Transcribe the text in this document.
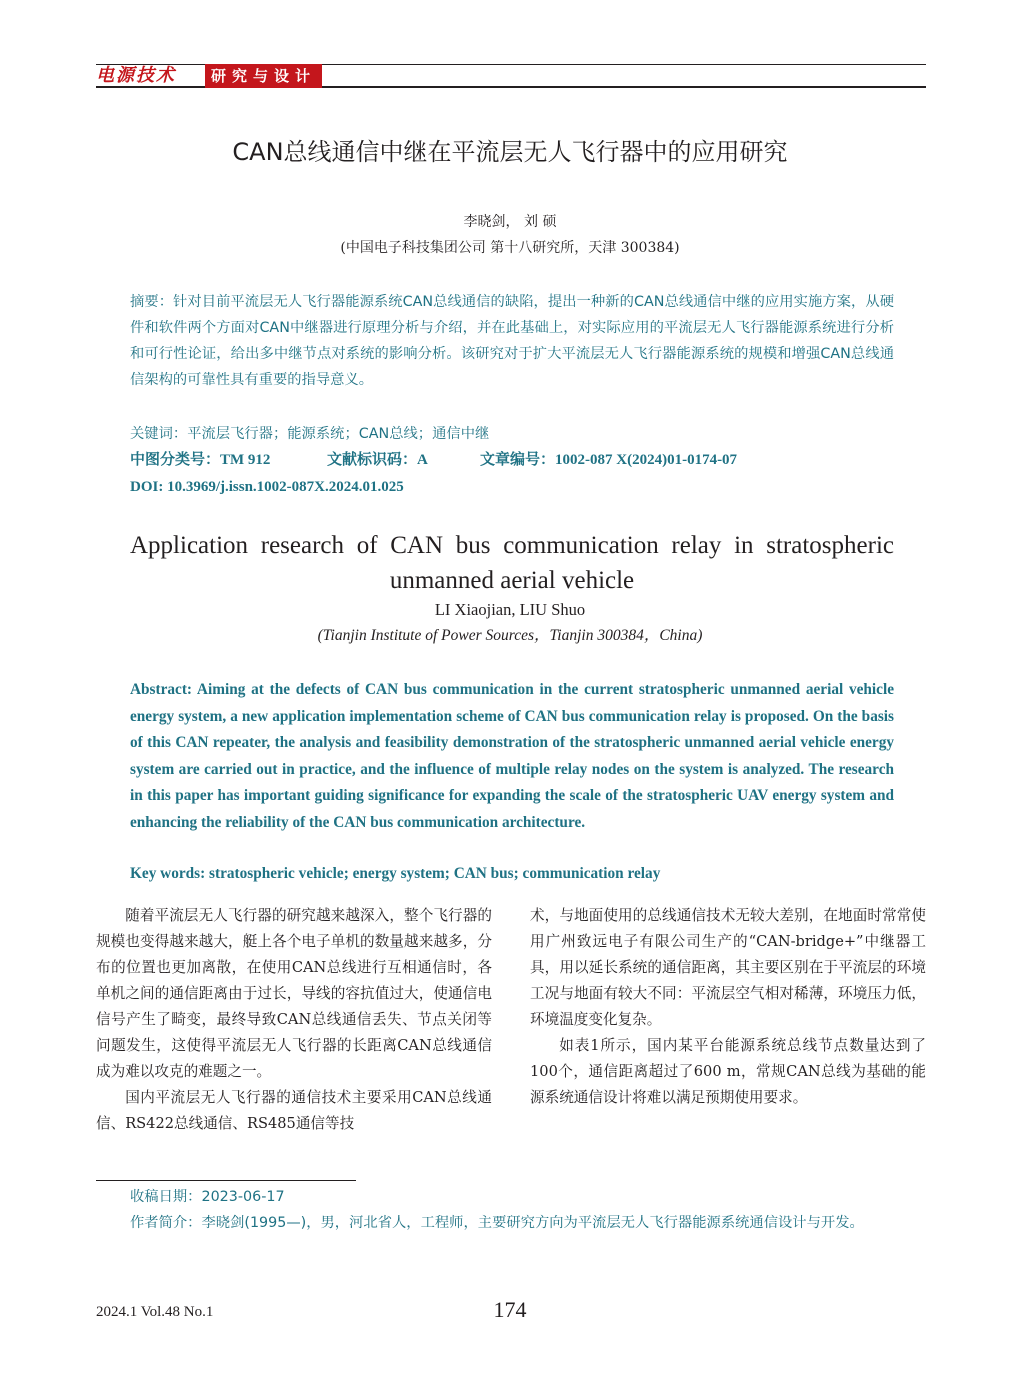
电源技术	研究与设计
CAN总线通信中继在平流层无人飞行器中的应用研究
李晓剑， 刘 硕
(中国电子科技集团公司 第十八研究所，天津 300384)
摘要：针对目前平流层无人飞行器能源系统CAN总线通信的缺陷，提出一种新的CAN总线通信中继的应用实施方案，从硬件和软件两个方面对CAN中继器进行原理分析与介绍，并在此基础上，对实际应用的平流层无人飞行器能源系统进行分析和可行性论证，给出多中继节点对系统的影响分析。该研究对于扩大平流层无人飞行器能源系统的规模和增强CAN总线通信架构的可靠性具有重要的指导意义。
关键词：平流层飞行器；能源系统；CAN总线；通信中继
中图分类号：TM 912	文献标识码：A	文章编号：1002-087 X(2024)01-0174-07
DOI: 10.3969/j.issn.1002-087X.2024.01.025
Application research of CAN bus communication relay in stratospheric unmanned aerial vehicle
LI Xiaojian, LIU Shuo
(Tianjin Institute of Power Sources，Tianjin 300384，China)
Abstract: Aiming at the defects of CAN bus communication in the current stratospheric unmanned aerial vehicle energy system, a new application implementation scheme of CAN bus communication relay is proposed. On the basis of this CAN repeater, the analysis and feasibility demonstration of the stratospheric unmanned aerial vehicle energy system are carried out in practice, and the influence of multiple relay nodes on the system is analyzed. The research in this paper has important guiding significance for expanding the scale of the stratospheric UAV energy system and enhancing the reliability of the CAN bus communication architecture.
Key words: stratospheric vehicle; energy system; CAN bus; communication relay

随着平流层无人飞行器的研究越来越深入，整个飞行器的规模也变得越来越大，艇上各个电子单机的数量越来越多，分布的位置也更加离散，在使用CAN总线进行互相通信时，各单机之间的通信距离由于过长，导线的容抗值过大，使通信电信号产生了畸变，最终导致CAN总线通信丢失、节点关闭等问题发生，这使得平流层无人飞行器的长距离CAN总线通信成为难以攻克的难题之一。

国内平流层无人飞行器的通信技术主要采用CAN总线通信、RS422总线通信、RS485通信等技

术，与地面使用的总线通信技术无较大差别，在地面时常常使用广州致远电子有限公司生产的“CAN-bridge+”中继器工具，用以延长系统的通信距离，其主要区别在于平流层的环境工况与地面有较大不同：平流层空气相对稀薄，环境压力低，环境温度变化复杂。

如表1所示，国内某平台能源系统总线节点数量达到了100个，通信距离超过了600 m，常规CAN总线为基础的能源系统通信设计将难以满足预期使用要求。

收稿日期：2023-06-17
作者简介：李晓剑(1995—)，男，河北省人，工程师，主要研究方向为平流层无人飞行器能源系统通信设计与开发。
2024.1 Vol.48 No.1	174
